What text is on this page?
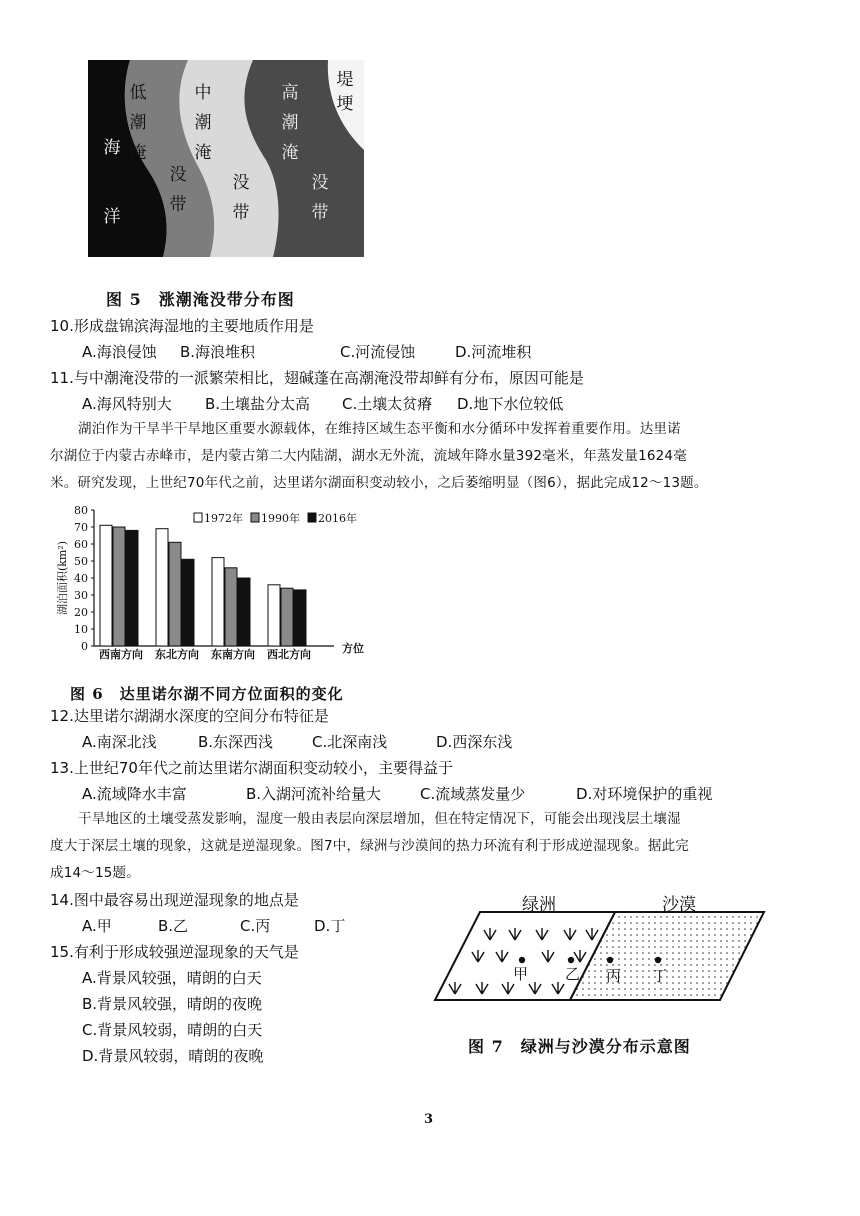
海
洋
低
潮
淹
没
带
中
潮
淹
没
带
高
潮
淹
没
带
堤
埂
图 5　涨潮淹没带分布图
10.形成盘锦滨海湿地的主要地质作用是
A.海浪侵蚀 B.海浪堆积	C.河流侵蚀	D.河流堆积
11.与中潮淹没带的一派繁荣相比，翅碱蓬在高潮淹没带却鲜有分布，原因可能是
A.海风特别大 B.土壤盐分太高 C.土壤太贫瘠 D.地下水位较低
湖泊作为干旱半干旱地区重要水源载体，在维持区域生态平衡和水分循环中发挥着重要作用。达里诺
尔湖位于内蒙古赤峰市，是内蒙古第二大内陆湖，湖水无外流，流域年降水量392毫米，年蒸发量1624毫
米。研究发现，上世纪70年代之前，达里诺尔湖面积变动较小，之后萎缩明显（图6），据此完成12～13题。
0
10
20
30
40
50
60
70
80
湖泊面积(km²)
西南方向 东北方向 东南方向 西北方向	方位
1972年 1990年 2016年
图 6　达里诺尔湖不同方位面积的变化
12.达里诺尔湖湖水深度的空间分布特征是
A.南深北浅	B.东深西浅	C.北深南浅	D.西深东浅
13.上世纪70年代之前达里诺尔湖面积变动较小，主要得益于
A.流域降水丰富	B.入湖河流补给量大	C.流域蒸发量少	D.对环境保护的重视
干旱地区的土壤受蒸发影响，湿度一般由表层向深层增加，但在特定情况下，可能会出现浅层土壤湿
度大于深层土壤的现象，这就是逆湿现象。图7中，绿洲与沙漠间的热力环流有利于形成逆湿现象。据此完
成14～15题。
14.图中最容易出现逆湿现象的地点是
A.甲	B.乙	C.丙	D.丁
15.有利于形成较强逆湿现象的天气是
A.背景风较强，晴朗的白天
B.背景风较强，晴朗的夜晚
C.背景风较弱，晴朗的白天
D.背景风较弱，晴朗的夜晚
绿洲	沙漠
甲 乙 丙 丁
图 7　绿洲与沙漠分布示意图
3
